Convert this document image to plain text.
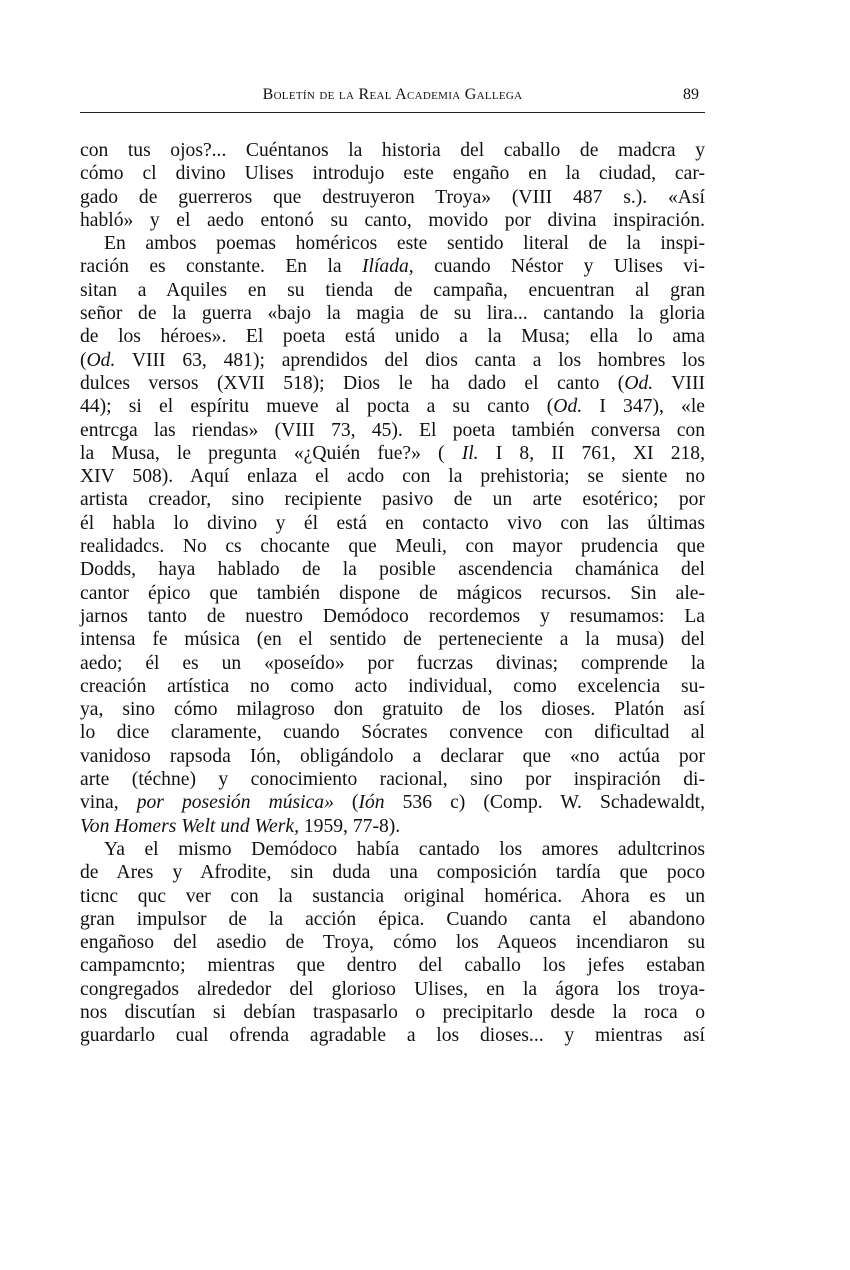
Boletín de la Real Academia Gallega	89
con tus ojos?... Cuéntanos la historia del caballo de madcra y
cómo cl divino Ulises introdujo este engaño en la ciudad, car-
gado de guerreros que destruyeron Troya» (VIII 487 s.). «Así
habló» y el aedo entonó su canto, movido por divina inspiración.
En ambos poemas homéricos este sentido literal de la inspi-
ración es constante. En la Ilíada, cuando Néstor y Ulises vi-
sitan a Aquiles en su tienda de campaña, encuentran al gran
señor de la guerra «bajo la magia de su lira... cantando la gloria
de los héroes». El poeta está unido a la Musa; ella lo ama
(Od. VIII 63, 481); aprendidos del dios canta a los hombres los
dulces versos (XVII 518); Dios le ha dado el canto (Od. VIII
44); si el espíritu mueve al pocta a su canto (Od. I 347), «le
entrcga las riendas» (VIII 73, 45). El poeta también conversa con
la Musa, le pregunta «¿Quién fue?» ( Il. I 8, II 761, XI 218,
XIV 508). Aquí enlaza el acdo con la prehistoria; se siente no
artista creador, sino recipiente pasivo de un arte esotérico; por
él habla lo divino y él está en contacto vivo con las últimas
realidadcs. No cs chocante que Meuli, con mayor prudencia que
Dodds, haya hablado de la posible ascendencia chamánica del
cantor épico que también dispone de mágicos recursos. Sin ale-
jarnos tanto de nuestro Demódoco recordemos y resumamos: La
intensa fe música (en el sentido de perteneciente a la musa) del
aedo; él es un «poseído» por fucrzas divinas; comprende la
creación artística no como acto individual, como excelencia su-
ya, sino cómo milagroso don gratuito de los dioses. Platón así
lo dice claramente, cuando Sócrates convence con dificultad al
vanidoso rapsoda Ión, obligándolo a declarar que «no actúa por
arte (téchne) y conocimiento racional, sino por inspiración di-
vina, por posesión música» (Ión 536 c) (Comp. W. Schadewaldt,
Von Homers Welt und Werk, 1959, 77-8).
Ya el mismo Demódoco había cantado los amores adultcrinos
de Ares y Afrodite, sin duda una composición tardía que poco
ticnc quc ver con la sustancia original homérica. Ahora es un
gran impulsor de la acción épica. Cuando canta el abandono
engañoso del asedio de Troya, cómo los Aqueos incendiaron su
campamcnto; mientras que dentro del caballo los jefes estaban
congregados alrededor del glorioso Ulises, en la ágora los troya-
nos discutían si debían traspasarlo o precipitarlo desde la roca o
guardarlo cual ofrenda agradable a los dioses... y mientras así
